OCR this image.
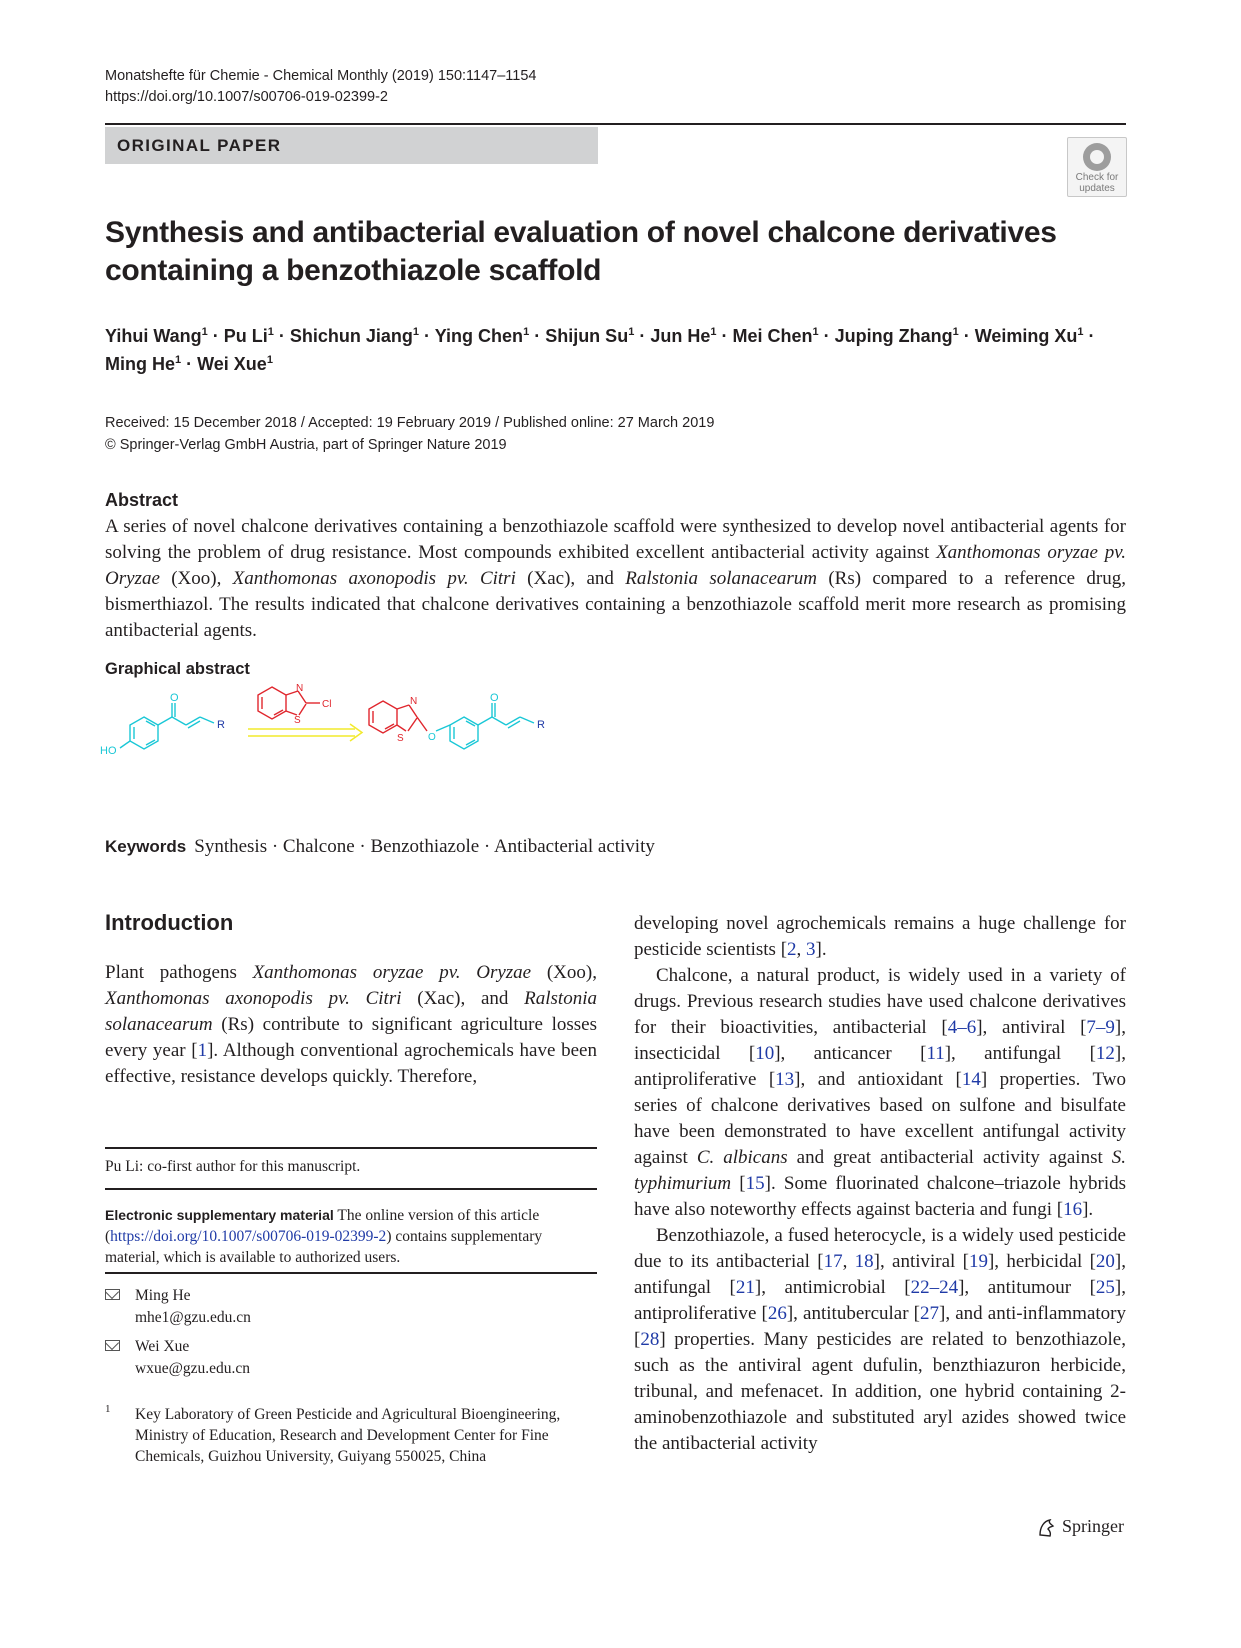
Monatshefte für Chemie - Chemical Monthly (2019) 150:1147–1154
https://doi.org/10.1007/s00706-019-02399-2
ORIGINAL PAPER
Check for updates
Synthesis and antibacterial evaluation of novel chalcone derivatives
containing a benzothiazole scaffold
Yihui Wang$^1$ · Pu $Li^1$ · Shichun Jiang$^1$ · Ying Chen$^1$ · Shijun $Su^1$ · Jun $He^1$ · Mei Chen$^1$ · Juping Zhang$^1$ · Weiming $Xu^1$ ·
Ming $He^1$ · Wei Xue$^1$
Received: 15 December 2018 / Accepted: 19 February 2019 / Published online: 27 March 2019
© Springer-Verlag GmbH Austria, part of Springer Nature 2019
Abstract
A series of novel chalcone derivatives containing a benzothiazole scaffold were synthesized to develop novel antibacterial agents for solving the problem of drug resistance. Most compounds exhibited excellent antibacterial activity against Xanthomonas oryzae pv. Oryzae (Xoo), Xanthomonas axonopodis pv. Citri (Xac), and Ralstonia solanacearum (Rs) compared to a reference drug, bismerthiazol. The results indicated that chalcone derivatives containing a benzothiazole scaffold merit more research as promising antibacterial agents.
Graphical abstract
HO
O
R
N
S
Cl	N
S O
O
R
Keywords Synthesis · Chalcone · Benzothiazole · Antibacterial activity
Introduction
Plant pathogens Xanthomonas oryzae pv. Oryzae (Xoo), Xanthomonas axonopodis pv. Citri (Xac), and Ralstonia solanacearum (Rs) contribute to significant agriculture losses every year [1]. Although conventional agrochemicals have been effective, resistance develops quickly. Therefore,

developing novel agrochemicals remains a huge challenge for pesticide scientists [2, 3].

Chalcone, a natural product, is widely used in a variety of drugs. Previous research studies have used chalcone derivatives for their bioactivities, antibacterial [4–6], antiviral [7–9], insecticidal [10], anticancer [11], antifungal [12], antiproliferative [13], and antioxidant [14] properties. Two series of chalcone derivatives based on sulfone and bisulfate have been demonstrated to have excellent antifungal activity against C. albicans and great antibacterial activity against S. typhimurium [15]. Some fluorinated chalcone–triazole hybrids have also noteworthy effects against bacteria and fungi [16].

Benzothiazole, a fused heterocycle, is a widely used pesticide due to its antibacterial [17, 18], antiviral [19], herbicidal [20], antifungal [21], antimicrobial [22–24], antitumour [25], antiproliferative [26], antitubercular [27], and anti-inflammatory [28] properties. Many pesticides are related to benzothiazole, such as the antiviral agent dufulin, benzthiazuron herbicide, tribunal, and mefenacet. In addition, one hybrid containing 2-aminobenzothiazole and substituted aryl azides showed twice the antibacterial activity

Pu Li: co-first author for this manuscript.
Electronic supplementary material The online version of this article (https://doi.org/10.1007/s00706-019-02399-2) contains supplementary material, which is available to authorized users.
Ming He
mhe1@gzu.edu.cn
Wei Xue
wxue@gzu.edu.cn
1 Key Laboratory of Green Pesticide and Agricultural Bioengineering, Ministry of Education, Research and Development Center for Fine Chemicals, Guizhou University, Guiyang 550025, China
Springer
